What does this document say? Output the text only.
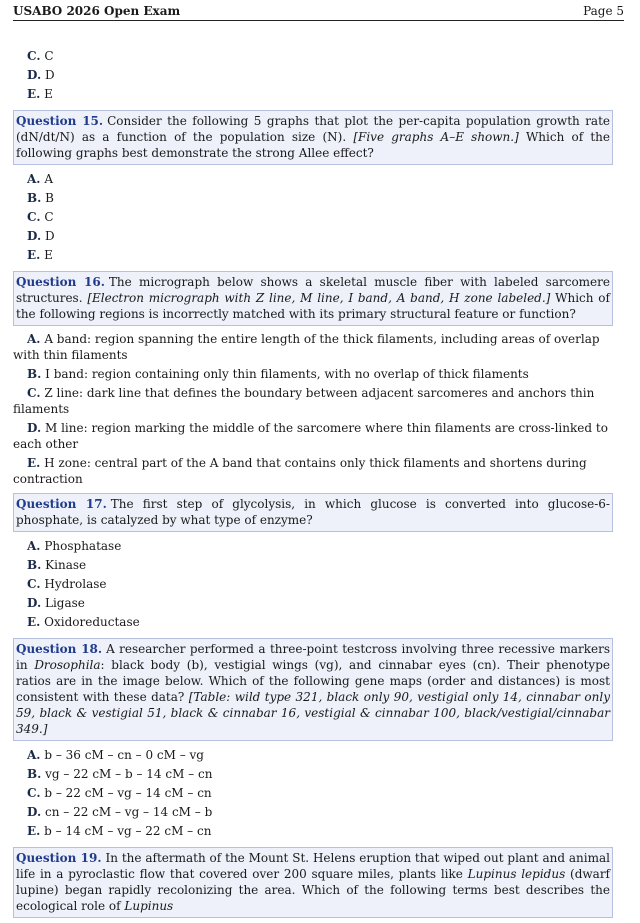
USABO 2026 Open Exam	Page 5
C. C
D. D
E. E
Question 15. Consider the following 5 graphs that plot the per-capita population growth rate (dN/dt/N) as a function of the population size (N). [Five graphs A–E shown.] Which of the following graphs best demonstrate the strong Allee effect?
A. A
B. B
C. C
D. D
E. E
Question 16. The micrograph below shows a skeletal muscle fiber with labeled sarcomere structures. [Electron micrograph with Z line, M line, I band, A band, H zone labeled.] Which of the following regions is incorrectly matched with its primary structural feature or function?
A. A band: region spanning the entire length of the thick filaments, including areas of overlap with thin filaments
B. I band: region containing only thin filaments, with no overlap of thick filaments
C. Z line: dark line that defines the boundary between adjacent sarcomeres and anchors thin filaments
D. M line: region marking the middle of the sarcomere where thin filaments are cross-linked to each other
E. H zone: central part of the A band that contains only thick filaments and shortens during contraction
Question 17. The first step of glycolysis, in which glucose is converted into glucose-6-phosphate, is catalyzed by what type of enzyme?
A. Phosphatase
B. Kinase
C. Hydrolase
D. Ligase
E. Oxidoreductase
Question 18. A researcher performed a three-point testcross involving three recessive markers in Drosophila: black body (b), vestigial wings (vg), and cinnabar eyes (cn). Their phenotype ratios are in the image below. Which of the following gene maps (order and distances) is most consistent with these data? [Table: wild type 321, black only 90, vestigial only 14, cinnabar only 59, black & vestigial 51, black & cinnabar 16, vestigial & cinnabar 100, black/vestigial/cinnabar 349.]
A. b – 36 cM – cn – 0 cM – vg
B. vg – 22 cM – b – 14 cM – cn
C. b – 22 cM – vg – 14 cM – cn
D. cn – 22 cM – vg – 14 cM – b
E. b – 14 cM – vg – 22 cM – cn
Question 19. In the aftermath of the Mount St. Helens eruption that wiped out plant and animal life in a pyroclastic flow that covered over 200 square miles, plants like Lupinus lepidus (dwarf lupine) began rapidly recolonizing the area. Which of the following terms best describes the ecological role of Lupinus
